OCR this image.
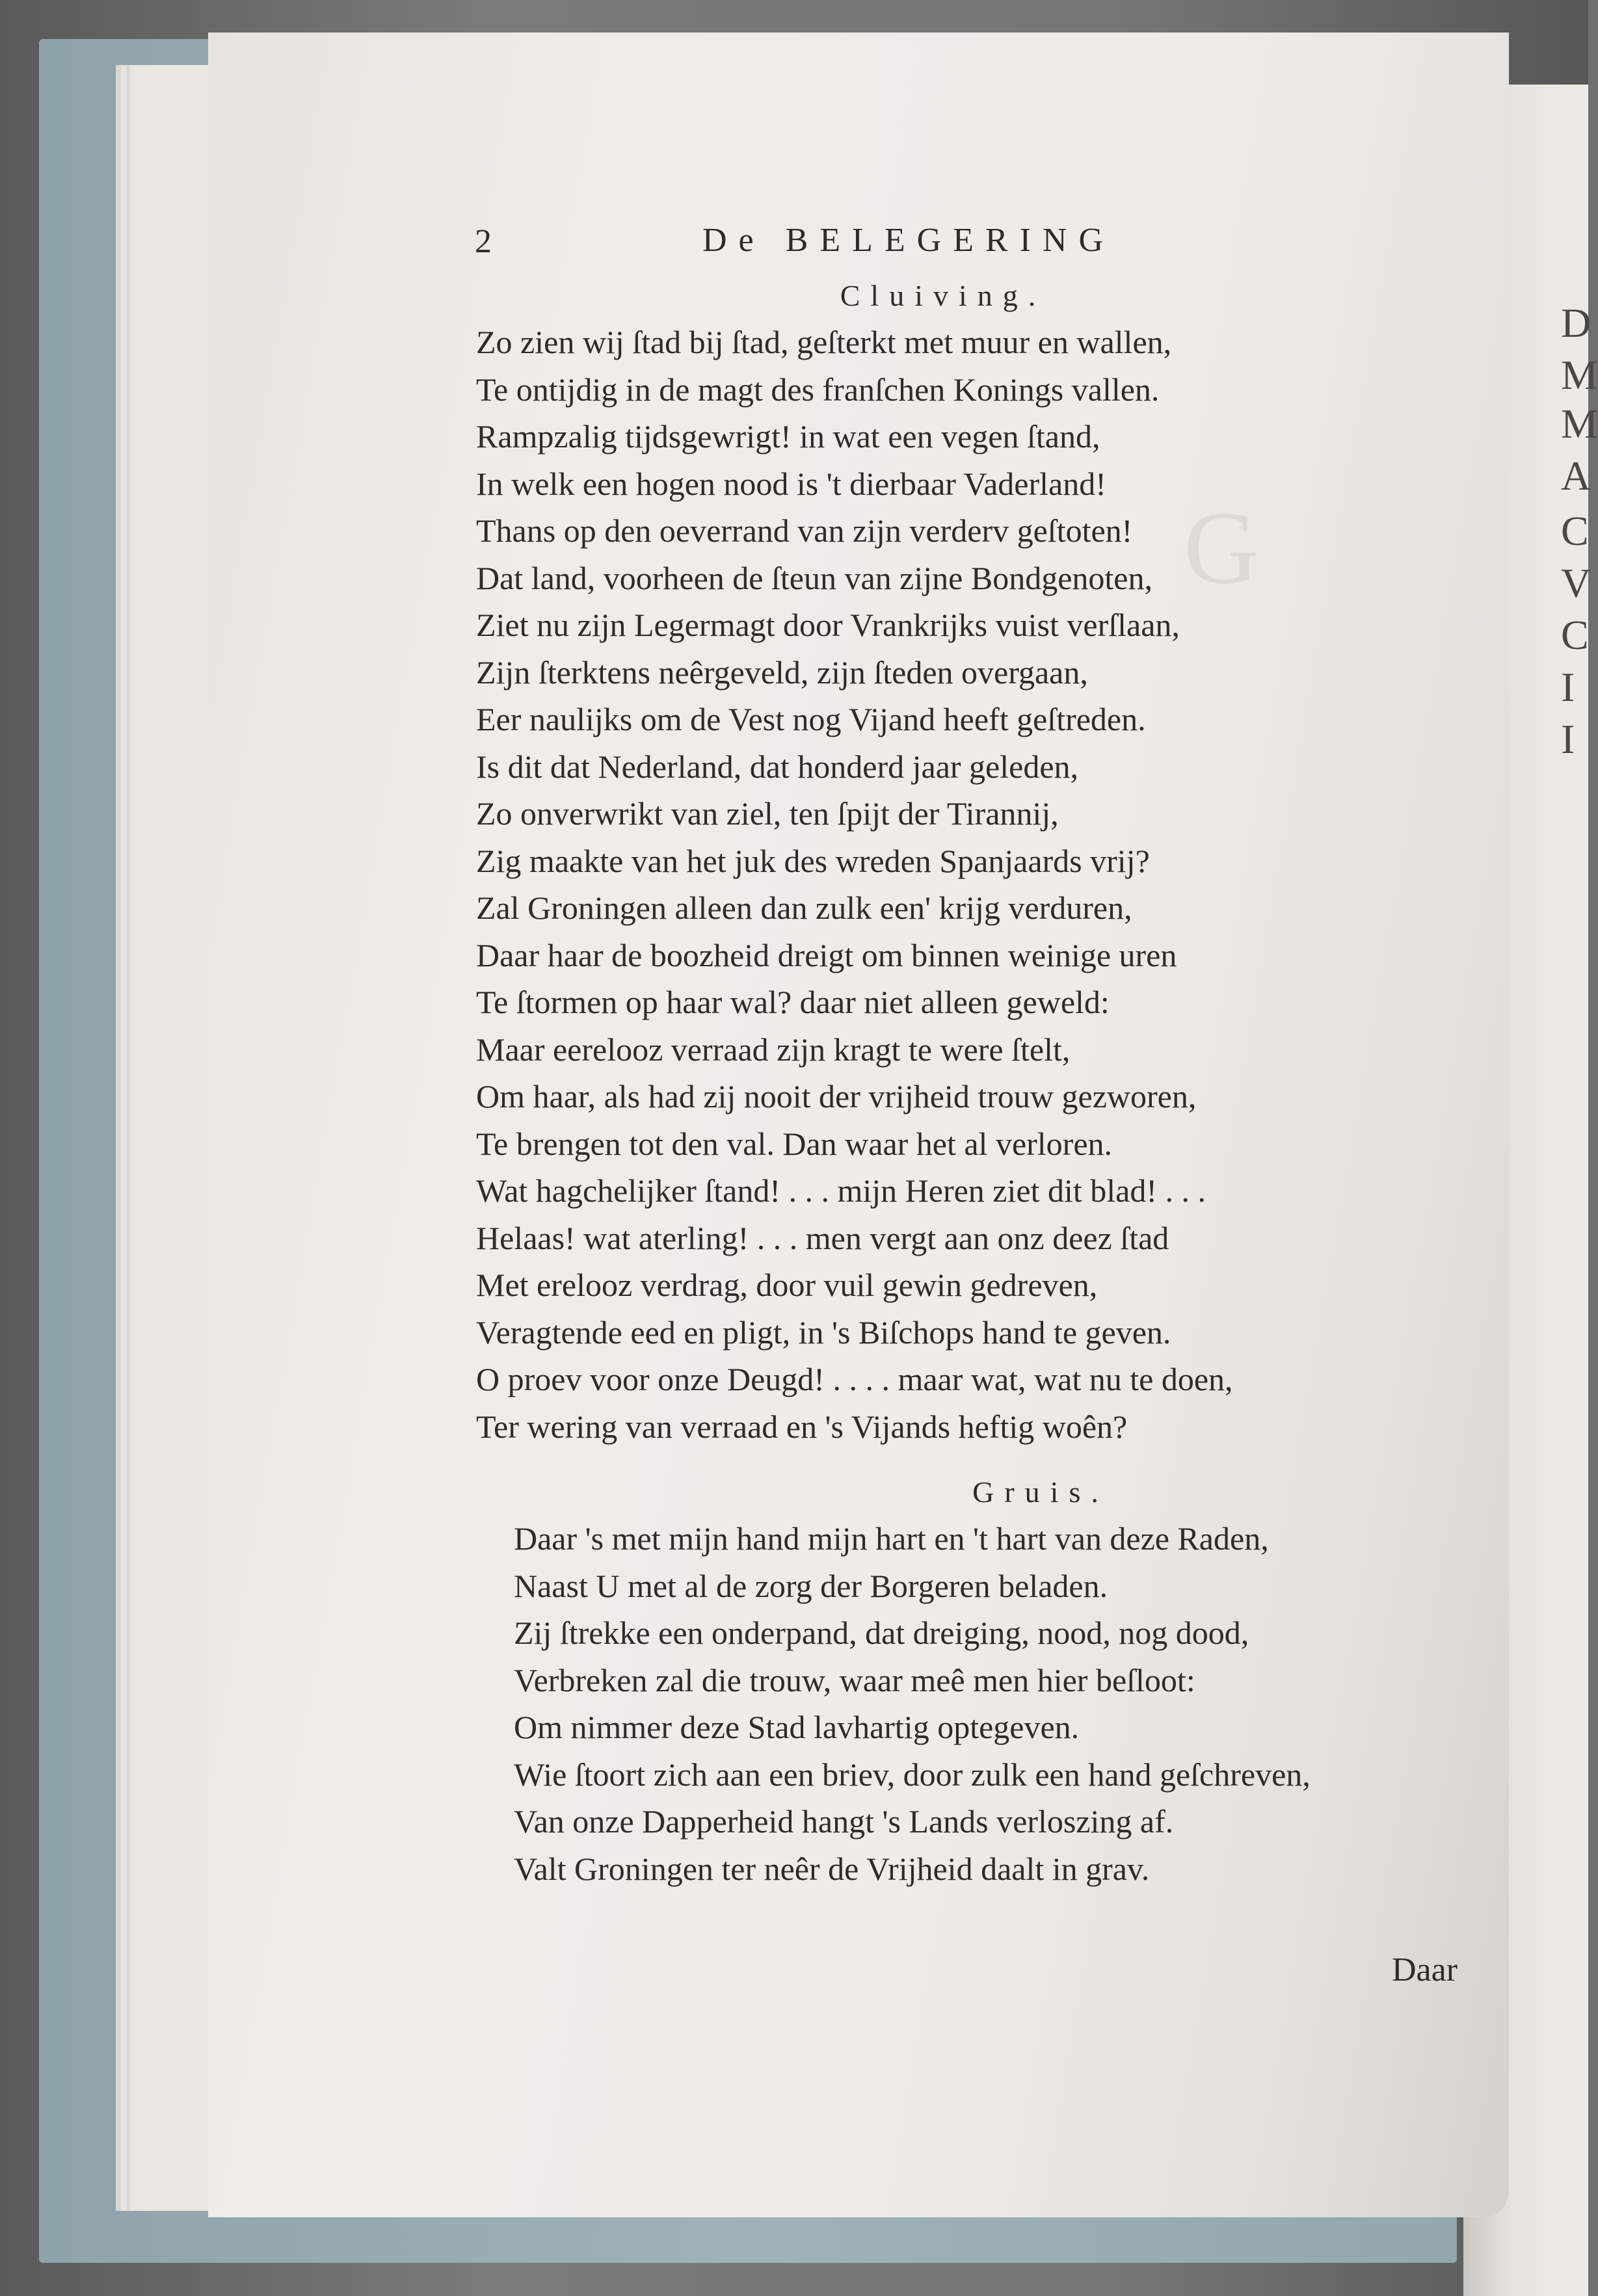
D
M
M
A
C
V
C
I
I
G
2	De BELEGERING
Cluiving.
Zo zien wij ſtad bij ſtad, geſterkt met muur en wallen,
Te ontijdig in de magt des franſchen Konings vallen.
Rampzalig tijdsgewrigt! in wat een vegen ſtand,
In welk een hogen nood is 't dierbaar Vaderland!
Thans op den oeverrand van zijn verderv geſtoten!
Dat land, voorheen de ſteun van zijne Bondgenoten,
Ziet nu zijn Legermagt door Vrankrijks vuist verſlaan,
Zijn ſterktens neêrgeveld, zijn ſteden overgaan,
Eer naulijks om de Vest nog Vijand heeft geſtreden.
Is dit dat Nederland, dat honderd jaar geleden,
Zo onverwrikt van ziel, ten ſpijt der Tirannij,
Zig maakte van het juk des wreden Spanjaards vrij?
Zal Groningen alleen dan zulk een' krijg verduren,
Daar haar de boozheid dreigt om binnen weinige uren
Te ſtormen op haar wal? daar niet alleen geweld:
Maar eerelooz verraad zijn kragt te were ſtelt,
Om haar, als had zij nooit der vrijheid trouw gezworen,
Te brengen tot den val. Dan waar het al verloren.
Wat hagchelijker ſtand! . . . mijn Heren ziet dit blad! . . .
Helaas! wat aterling! . . . men vergt aan onz deez ſtad
Met erelooz verdrag, door vuil gewin gedreven,
Veragtende eed en pligt, in 's Biſchops hand te geven.
O proev voor onze Deugd! . . . . maar wat, wat nu te doen,
Ter wering van verraad en 's Vijands heftig woên?
Gruis.
Daar 's met mijn hand mijn hart en 't hart van deze Raden,
Naast U met al de zorg der Borgeren beladen.
Zij ſtrekke een onderpand, dat dreiging, nood, nog dood,
Verbreken zal die trouw, waar meê men hier beſloot:
Om nimmer deze Stad lavhartig optegeven.
Wie ſtoort zich aan een briev, door zulk een hand geſchreven,
Van onze Dapperheid hangt 's Lands verloszing af.
Valt Groningen ter neêr de Vrijheid daalt in grav.
Daar
